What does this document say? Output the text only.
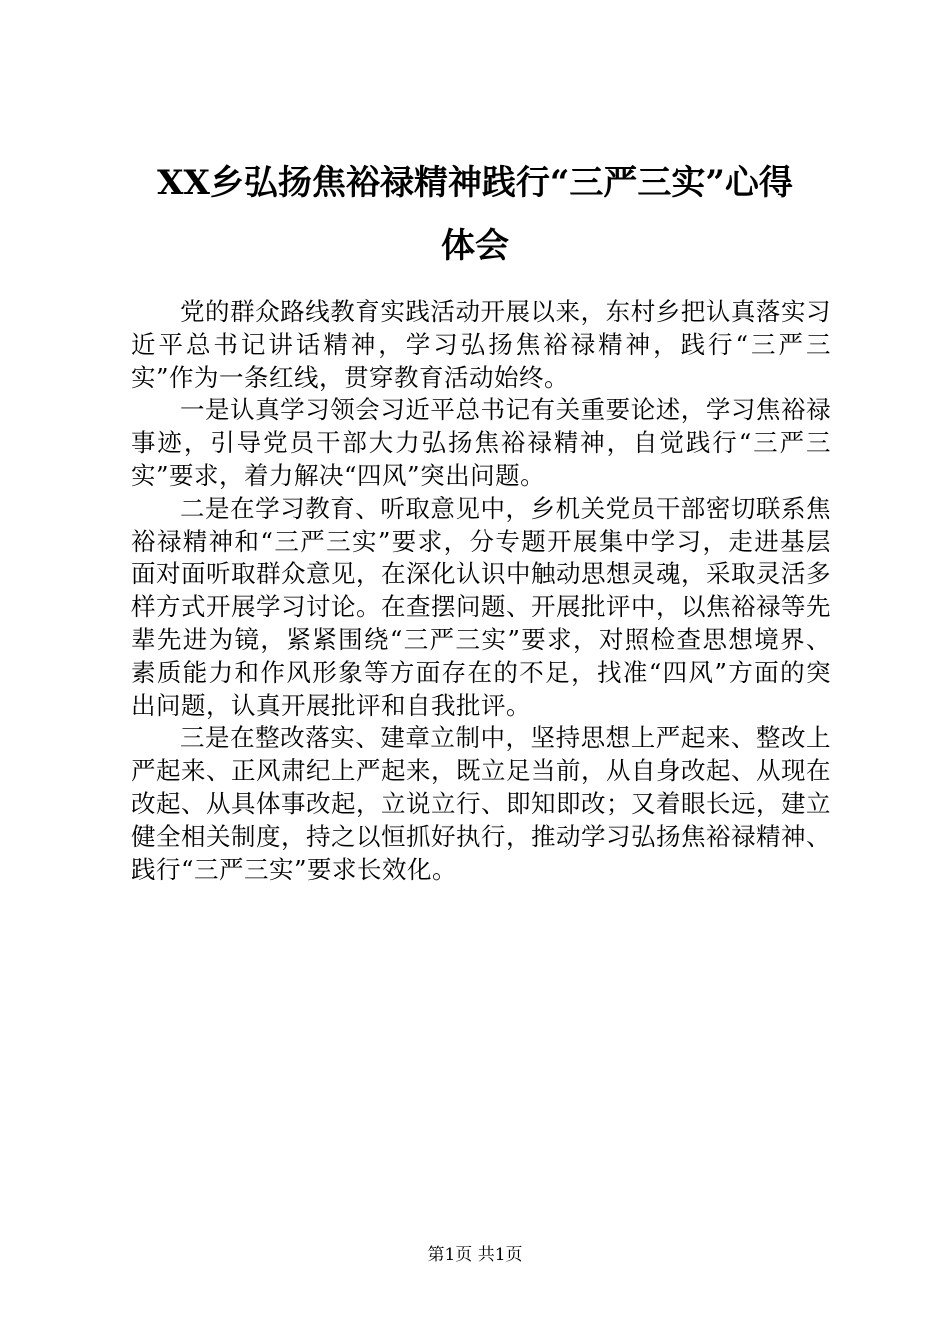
XX乡弘扬焦裕禄精神践行“三严三实”心得
体会

党的群众路线教育实践活动开展以来，东村乡把认真落实习近平总书记讲话精神，学习弘扬焦裕禄精神，践行“三严三实”作为一条红线，贯穿教育活动始终。

一是认真学习领会习近平总书记有关重要论述，学习焦裕禄事迹，引导党员干部大力弘扬焦裕禄精神，自觉践行“三严三实”要求，着力解决“四风”突出问题。

二是在学习教育、听取意见中，乡机关党员干部密切联系焦裕禄精神和“三严三实”要求，分专题开展集中学习，走进基层面对面听取群众意见，在深化认识中触动思想灵魂，采取灵活多样方式开展学习讨论。在查摆问题、开展批评中，以焦裕禄等先辈先进为镜，紧紧围绕“三严三实”要求，对照检查思想境界、素质能力和作风形象等方面存在的不足，找准“四风”方面的突出问题，认真开展批评和自我批评。

三是在整改落实、建章立制中，坚持思想上严起来、整改上严起来、正风肃纪上严起来，既立足当前，从自身改起、从现在改起、从具体事改起，立说立行、即知即改；又着眼长远，建立健全相关制度，持之以恒抓好执行，推动学习弘扬焦裕禄精神、践行“三严三实”要求长效化。

第1页 共1页
